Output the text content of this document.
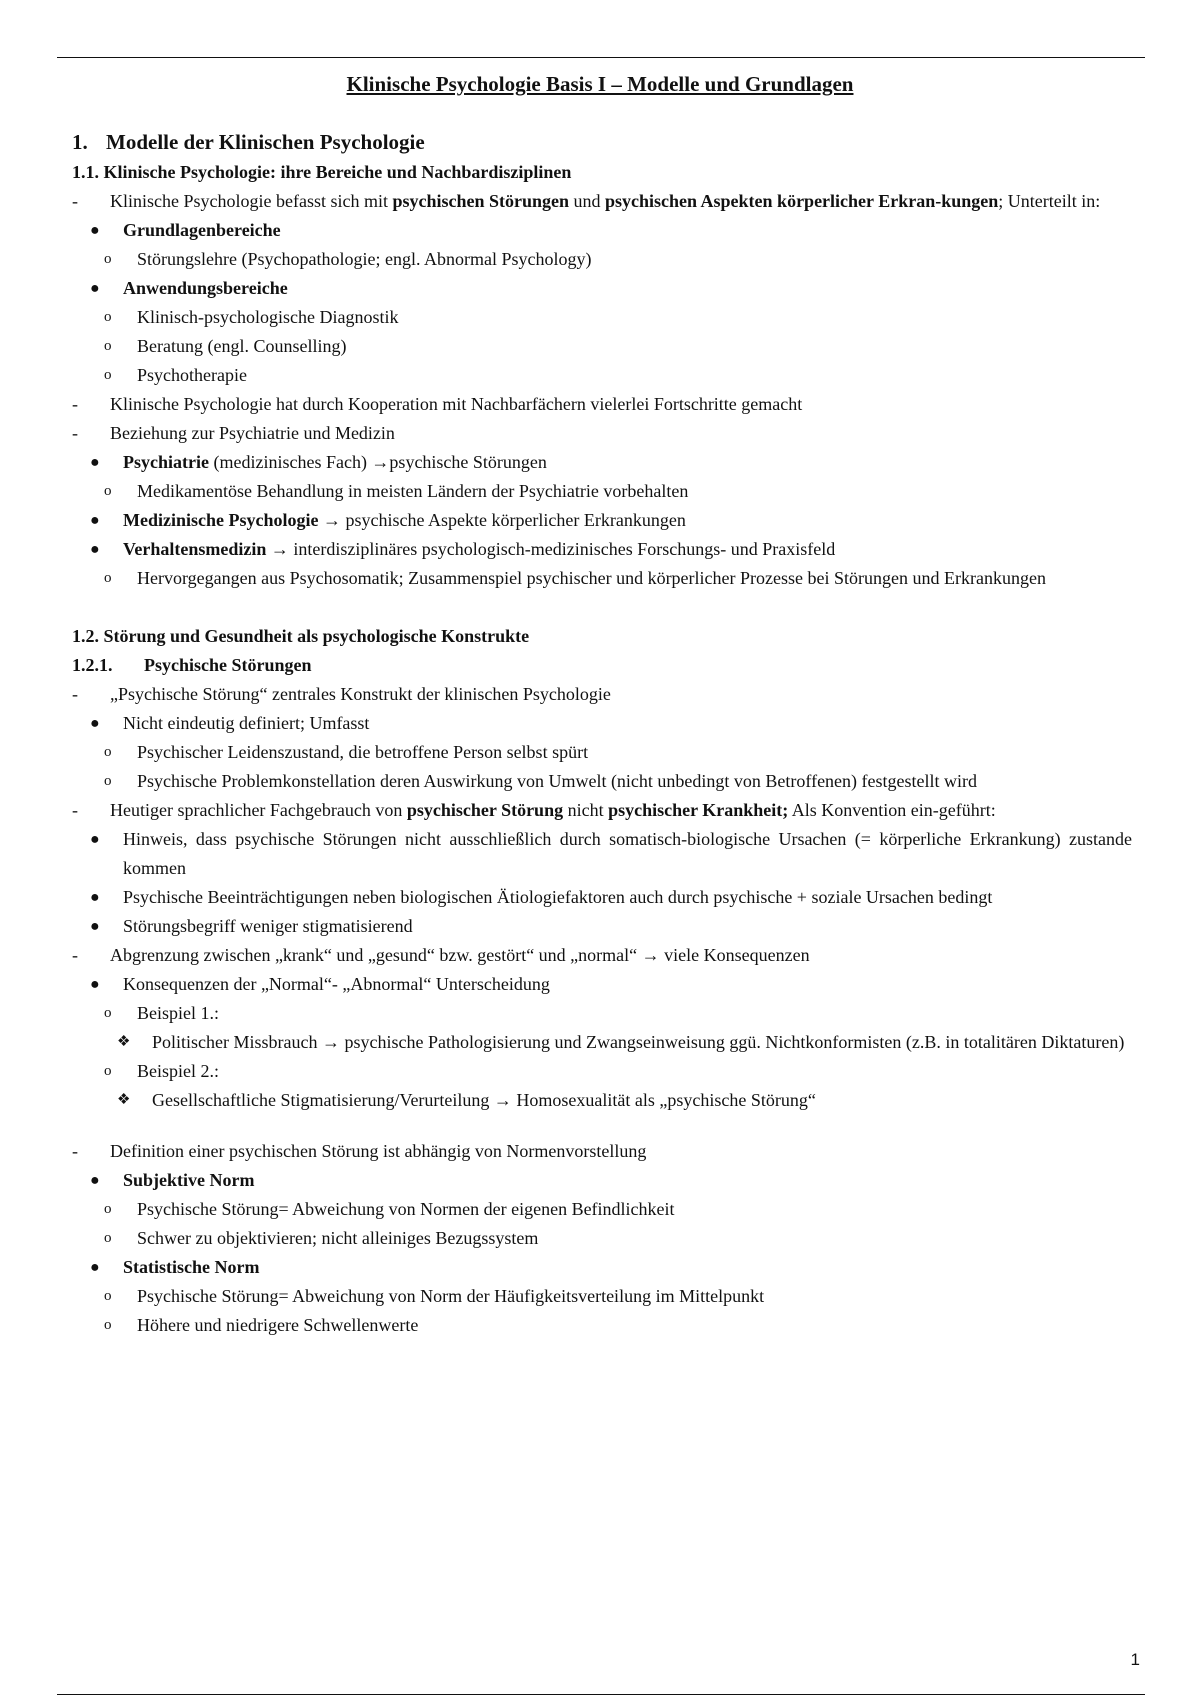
Klinische Psychologie Basis I – Modelle und Grundlagen
1. Modelle der Klinischen Psychologie
1.1. Klinische Psychologie: ihre Bereiche und Nachbardisziplinen
- Klinische Psychologie befasst sich mit psychischen Störungen und psychischen Aspekten körperlicher Erkran-kungen; Unterteilt in:
● Grundlagenbereiche
o Störungslehre (Psychopathologie; engl. Abnormal Psychology)
● Anwendungsbereiche
o Klinisch-psychologische Diagnostik
o Beratung (engl. Counselling)
o Psychotherapie
- Klinische Psychologie hat durch Kooperation mit Nachbarfächern vielerlei Fortschritte gemacht
- Beziehung zur Psychiatrie und Medizin
● Psychiatrie (medizinisches Fach) →psychische Störungen
o Medikamentöse Behandlung in meisten Ländern der Psychiatrie vorbehalten
● Medizinische Psychologie → psychische Aspekte körperlicher Erkrankungen
● Verhaltensmedizin → interdisziplinäres psychologisch-medizinisches Forschungs- und Praxisfeld
o Hervorgegangen aus Psychosomatik; Zusammenspiel psychischer und körperlicher Prozesse bei Störungen und Erkrankungen
1.2. Störung und Gesundheit als psychologische Konstrukte
1.2.1. Psychische Störungen
- „Psychische Störung“ zentrales Konstrukt der klinischen Psychologie
● Nicht eindeutig definiert; Umfasst
o Psychischer Leidenszustand, die betroffene Person selbst spürt
o Psychische Problemkonstellation deren Auswirkung von Umwelt (nicht unbedingt von Betroffenen) festgestellt wird
- Heutiger sprachlicher Fachgebrauch von psychischer Störung nicht psychischer Krankheit; Als Konvention ein-geführt:
● Hinweis, dass psychische Störungen nicht ausschließlich durch somatisch-biologische Ursachen (= körperliche Erkrankung) zustande kommen
● Psychische Beeinträchtigungen neben biologischen Ätiologiefaktoren auch durch psychische + soziale Ursachen bedingt
● Störungsbegriff weniger stigmatisierend
- Abgrenzung zwischen „krank“ und „gesund“ bzw. gestört“ und „normal“ → viele Konsequenzen
● Konsequenzen der „Normal“- „Abnormal“ Unterscheidung
o Beispiel 1.:
❖ Politischer Missbrauch → psychische Pathologisierung und Zwangseinweisung ggü. Nichtkonformisten (z.B. in totalitären Diktaturen)
o Beispiel 2.:
❖ Gesellschaftliche Stigmatisierung/Verurteilung → Homosexualität als „psychische Störung“
- Definition einer psychischen Störung ist abhängig von Normenvorstellung
● Subjektive Norm
o Psychische Störung= Abweichung von Normen der eigenen Befindlichkeit
o Schwer zu objektivieren; nicht alleiniges Bezugssystem
● Statistische Norm
o Psychische Störung= Abweichung von Norm der Häufigkeitsverteilung im Mittelpunkt
o Höhere und niedrigere Schwellenwerte
1
